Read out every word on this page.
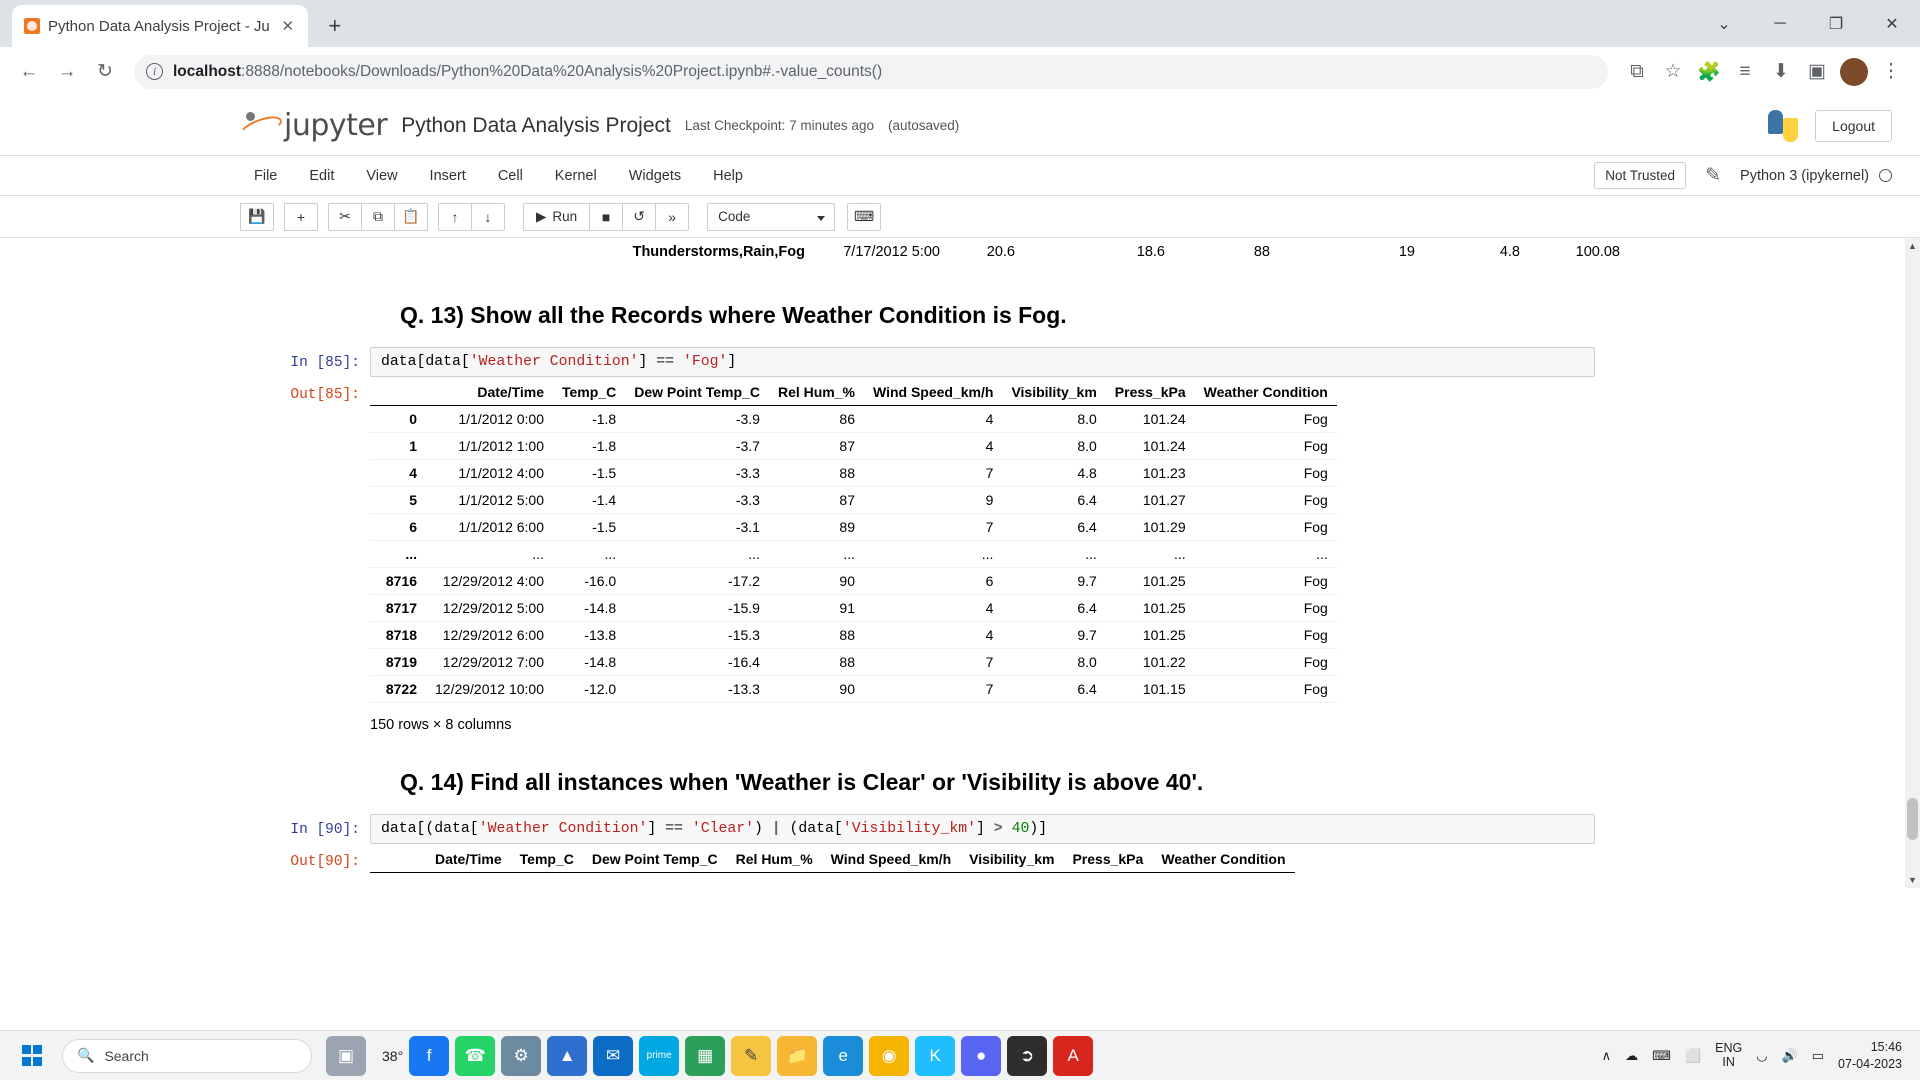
Python Data Analysis Project - Ju ✕	+	⌄	─	❐	✕
←	→	↻	i	localhost:8888/notebooks/Downloads/Python%20Data%20Analysis%20Project.ipynb#.-value_counts()	⧉	☆ 🧩 ≡	⬇	▣	⋮
jupyter Python Data Analysis Project Last Checkpoint: 7 minutes ago (autosaved)	Logout
File	Edit	View	Insert	Cell	Kernel	Widgets	Help	Not Trusted	✎	Python 3 (ipykernel)
💾	+	✂	⧉	📋	↑	↓	▶ Run	■	↺	»	Code	⌨
Thunderstorms,Rain,Fog	7/17/2012 5:00	20.6	18.6	88	19	4.8	100.08
Q. 13) Show all the Records where Weather Condition is Fog.
In [85]:	data[data['Weather Condition'] == 'Fog']
Out[85]:
		Date/Time	Temp_C	Dew Point Temp_C	Rel Hum_%	Wind Speed_km/h	Visibility_km	Press_kPa	Weather Condition
0	1/1/2012 0:00	-1.8	-3.9	86	4	8.0	101.24	Fog
1	1/1/2012 1:00	-1.8	-3.7	87	4	8.0	101.24	Fog
4	1/1/2012 4:00	-1.5	-3.3	88	7	4.8	101.23	Fog
5	1/1/2012 5:00	-1.4	-3.3	87	9	6.4	101.27	Fog
6	1/1/2012 6:00	-1.5	-3.1	89	7	6.4	101.29	Fog
...	...	...	...	...	...	...	...	...
8716	12/29/2012 4:00	-16.0	-17.2	90	6	9.7	101.25	Fog
8717	12/29/2012 5:00	-14.8	-15.9	91	4	6.4	101.25	Fog
8718	12/29/2012 6:00	-13.8	-15.3	88	4	9.7	101.25	Fog
8719	12/29/2012 7:00	-14.8	-16.4	88	7	8.0	101.22	Fog
8722	12/29/2012 10:00	-12.0	-13.3	90	7	6.4	101.15	Fog
150 rows × 8 columns
Q. 14) Find all instances when 'Weather is Clear' or 'Visibility is above 40'.
In [90]:	data[(data['Weather Condition'] == 'Clear') | (data['Visibility_km'] > 40)]
Out[90]:
		Date/Time	Temp_C	Dew Point Temp_C	Rel Hum_%	Wind Speed_km/h	Visibility_km	Press_kPa	Weather Condition
▲
▼
🔍 Search	▣	38°	f	☎	⚙	▲	✉	prime	▦	✎	📁	e	◉	K	●	➲	A	∧ ☁ ⌨ ⬜ ENG
IN	◡ 🔊 ▭
15:46
07-04-2023
